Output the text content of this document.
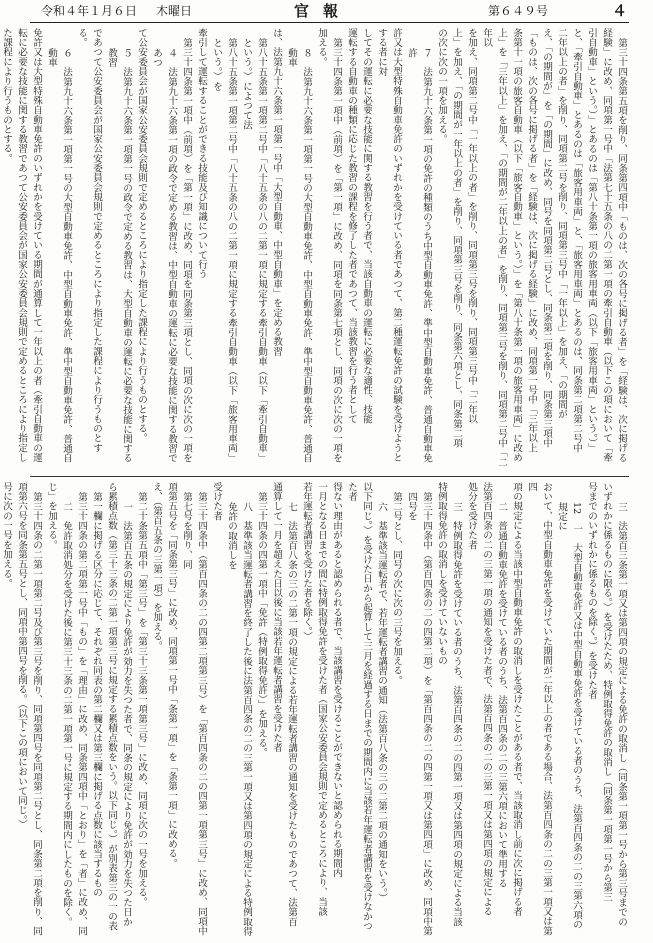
令和４年１月６日 木曜日	官報	第６４９号	４

第三十四条第五項を削り、同条第四項中「ものは、次の各号に掲げる者」を「経験は、次に掲げる

経験」に改め、同項第一号中「法第七十五条の八の二第一項の牽引自動車（以下この項において「牽

引自動車」という。）」とあるのは「第八十条第一項の旅客用車両（以下「旅客用車両」という。）」

と、「牽引自動車」とあるのは「旅客用車両」と、「旅客用車両」とあるのは、同条第二項第二号中

二年以上の者」を削り、同項第二号を削り、同項第三号中「一年以上」を加え、「の期間が

え、「の期間が」を「の期間」に改め、同号を同項第二号とし、同条第二項を削り、同条第三項中

「ものは、次の各号に掲げる者」を「経験は、次に掲げる経験」に改め、同項第一号中「三年以上

条第十一項の旅客自動車（以下「旅客自動車」という。）」を「第八十条第一項の旅客用車両」に改め

上」を「三年以上」を加え、「の期間が二年以上の者」を削り、同項第三号を削り、同項第二号中「二年以

を加え、同項第二号中「一年以上の者」を削り、同項第三号を削り、同項第三号中「二年以

上」を加え、「の期間が一年以上の者」を削り、同項第三号を削り、同条第六項とし、同条第二項

の次に次の一項を加える。

７　法第九十六条第一項の免許の種類のうち中型自動車免許、準中型自動車免許、普通自動車免許

許又は大型特殊自動車免許のいずれかを受けている者であつて、第二種運転免許の試験を受けようとする者に対

してその運転に必要な技能に関する教習を行う者で、当該自動車の運転に必要な適性、技能

運転する自動車の種類に応じた教習の課程を修了した者であつて、当該教習を行う者として

第三十四条第一項中（前項）を「第一項」に改め、同項を同条第七項とし、同項の次に次の一項を

加える。

８　法第九十六条第一項第一号の大型自動車免許、中型自動車免許、準中型自動車免許、普通自動車

は、法第九十六条第一項第一号中「大型自動車、中型自動車」を定める教習

第八十五条第一項第二号中「八十五条の八の二第一項に規定する牽引自動車（以下「牽引自動車」という。）によつて法

第八十五条第一項第二号中「八十五条の八の二第一項に規定する牽引自動車（以下「旅客用車両」という。）を

牽引して運転することができる技能及び知識について行う

第三十四条第一項中（前項）を「第一項」に改め、同項を同条第三項とし、同項の次に次の一項を

４　法第九十六条第一項の政令で定める教習は、中型自動車の運転に必要な技能に関する教習であつ

て公安委員会が国家公安委員会規則で定めるところにより指定した課程により行うものとする。

５　法第九十六条第一項第一号の政令で定める教習は、大型自動車の運転に必要な技能に関する教習

であつて公安委員会が国家公安委員会規則で定めるところにより指定した課程により行うものとする。

６　法第九十六条第一項第一号の大型自動車免許、中型自動車免許、準中型自動車免許、普通自動車

免許又は大型特殊自動車免許のいずれかを受けている期間が通算して一年以上の者（牽引自動車の運

転に必要な技能に関する教習であつて公安委員会が国家公安委員会規則で定めるところにより指定し

た課程により行うものとする。

三　法第百三条第一項又は第四項の規定による免許の取消し（同条第一項第一号から第三号までの

いずれかに係るものに限る。）を受けたため、特例取得免許の取消し（同条第一項第一号から第三

号までのいずれかに係るものを除く。）を受けた者

12　一　大型自動車免許又は中型自動車免許を受けている者のうち、法第百四条の二の三第六項の規定に

おいて、中型自動車免許を受けていた期間が二年以上の者である場合、法第百四条の二の三第一項又は第四

項の規定による当該中型自動車免許の取消しを受けたことがある者で、当該取消し前に次に掲げる者

二　普通自動車免許を受けている者のうち、法第百四条の二の三第六項において準用する

法第百四条の二の三第一項の通知を受けた者で、法第百四条の二の三第一項又は第四項の規定による

処分を受けた者

三　特例取得免許を受けている者のうち、法第百四条の二の四第一項又は第四項の規定による当該

特例取得免許の取消しを受けていないもの

第三十四条中（第百四条の二の四第二項）を「第百四条の二の四第一項又は第四項」に改め、同項中第四号を

第二号とし、同号の次に次の三号を加える。

六　基準該当運転者で、若年運転者講習の通知（法第百八条の三の二第二項の通知をいう。）

以下同じ。）を受けた日から起算して三月を経過する日までの期間内に当該若年運転者講習を受けなかつた者

得ない理由があると認められる者で、当該講習を受けることができないと認められる期間内

一月となる日までの間に特例取得免許を受けた者（国家公安委員会規則で定めるところにより、当該

若年運転者講習を受けた者を除く。）

七　法第百八条の三の二第一項の規定による若年運転者講習の通知を受けたものであつて、法第百

通算して一月を超えた日以後に当該若年運転者講習を受けた者

第三十四条の四第一項中「免許（特例取得免許）」を加える。

八　基準該当運転者講習を終了した後に法第百四条の二の三第一項又は第四項の規定による特例取得免許の取消しを

受けた者

第三十四条中（第百四条の二の四第二項第三号）を「第百四条の二の四第一項第三号」に改め、同項中第七号を削り、同

項第五号を「同条第三号」に改め、同項第一号中「条第一項」を「条第一項」に改める。

え、（第百五条の三第一項）を加える。

第二十条第五項中「第三号」を「第三十三条第一項第三号」に改め、同項に次の一号を加える。

一　法第百五条の規定により免許が効力を失つた者で、同条の規定により免許が効力を失つた日か

ら累積点数（第三十三条の二第一項第三号に規定する累積点数をいう。以下同じ。）が別表第三の一の表

第一欄に掲げる区分に応じて、それぞれ同表の第二欄又は第三欄に掲げる点数に該当するもの

第三十四条の第二項第一号中「もの」を「理由」に改め、同条第四項中「とおり」を「者」に改め、同

二　免許取消処分を受けた後に第三十三条の二第一項第一号に規定する期間内にしたものを除く。

じ」を加える。

第三十四条の二第一項第二号及び第三号を削り、同項第四号を同項第二号とし、同条第二項を削り、同

項第六号を同条第五号とし、同項中第四号を削る。（以下この項において同じ。）

号に次の一号を加える。
